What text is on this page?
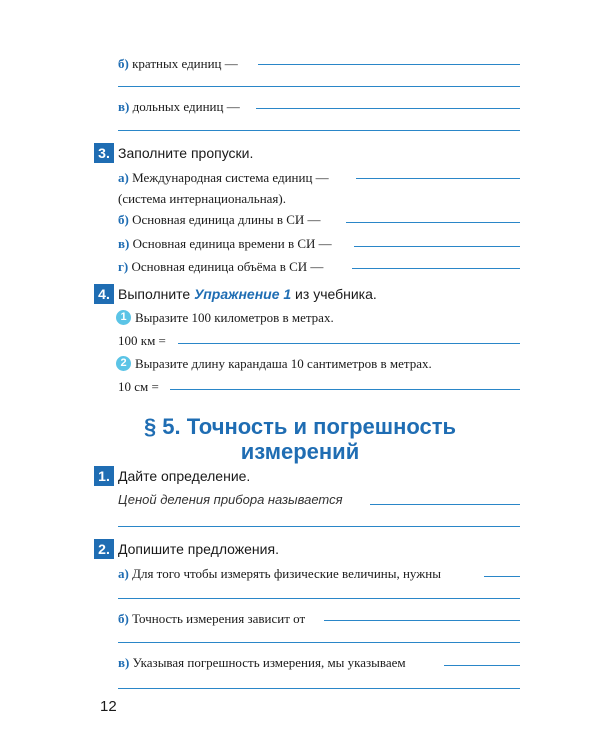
б) кратных единиц —
в) дольных единиц —
3. Заполните пропуски.
а) Международная система единиц —
(система интернациональная).
б) Основная единица длины в СИ —
в) Основная единица времени в СИ —
г) Основная единица объёма в СИ —
4. Выполните Упражнение 1 из учебника.
1 Выразите 100 километров в метрах.
100 км =
2 Выразите длину карандаша 10 сантиметров в метрах.
10 см =
§ 5. Точность и погрешность
измерений
1. Дайте определение.
Ценой деления прибора называется
2. Допишите предложения.
а) Для того чтобы измерять физические величины, нужны
б) Точность измерения зависит от
в) Указывая погрешность измерения, мы указываем
12
